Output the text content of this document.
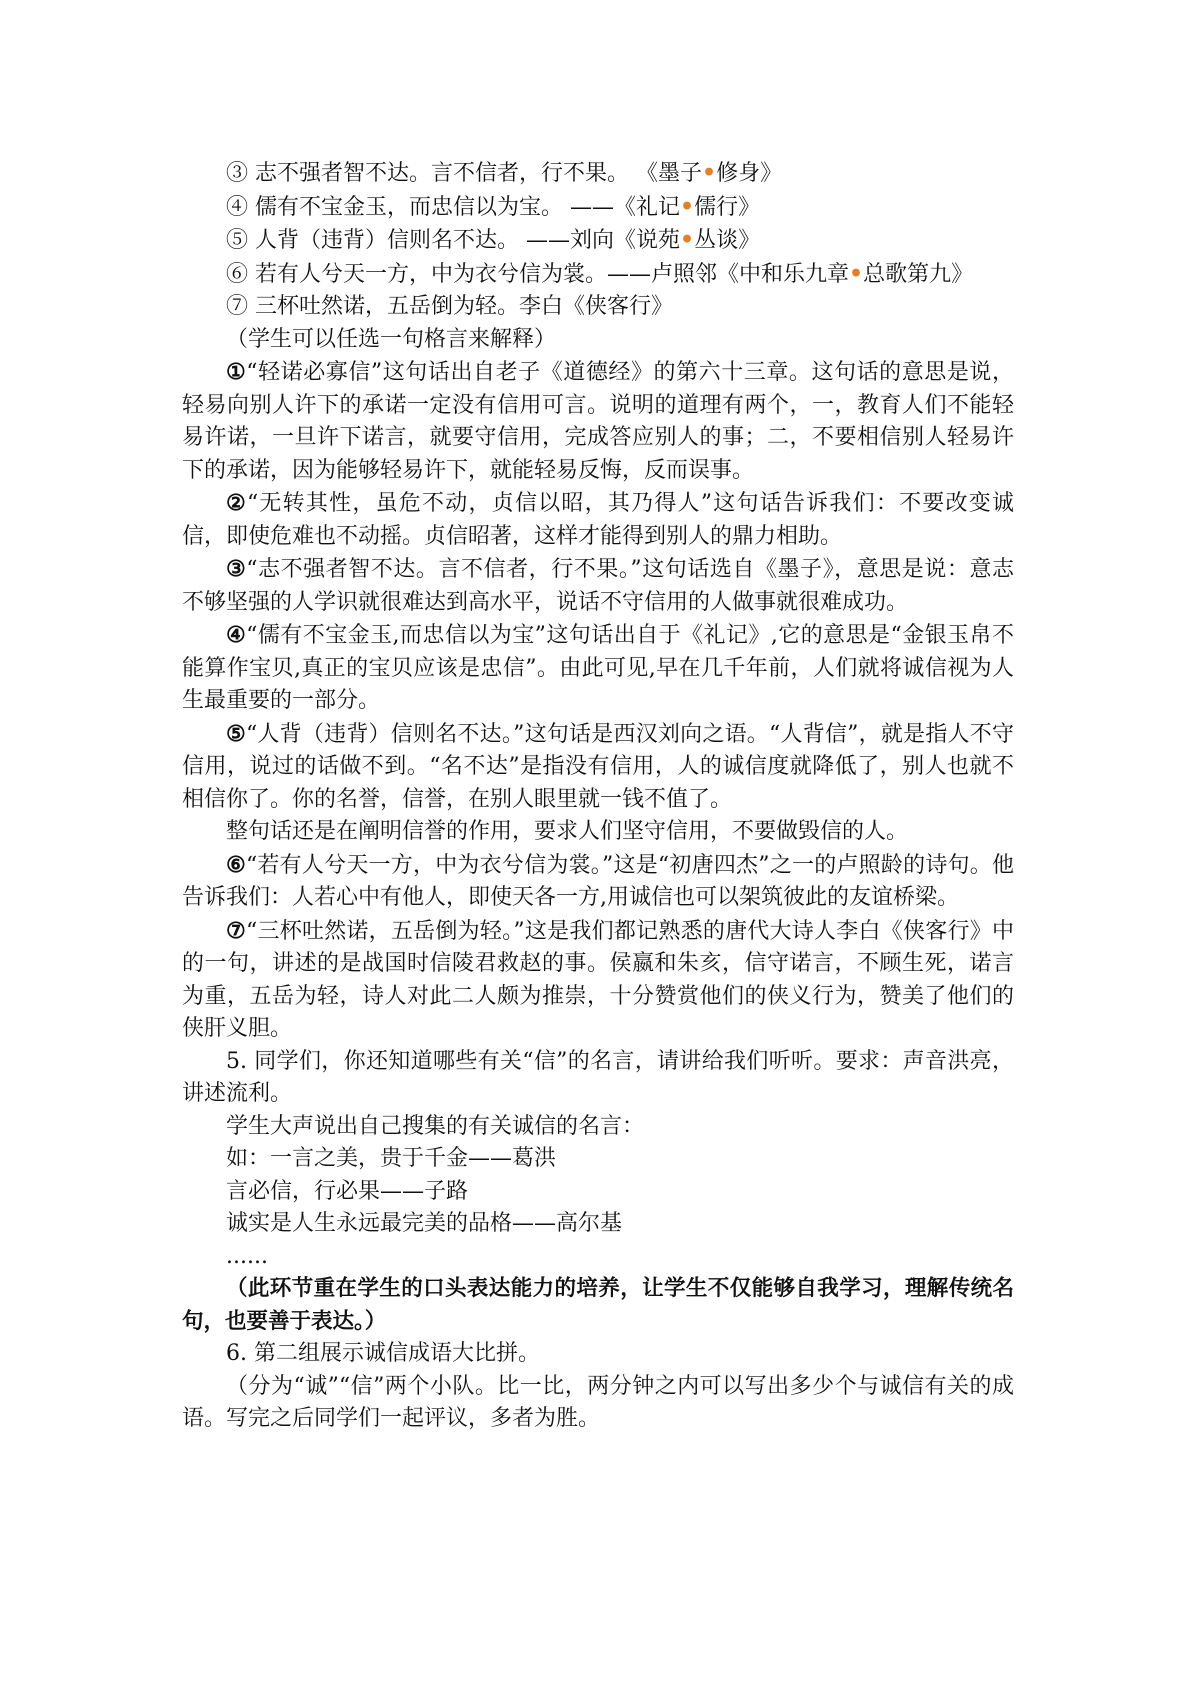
③ 志不强者智不达。言不信者，行不果。 《墨子•修身》

④ 儒有不宝金玉，而忠信以为宝。 ——《礼记•儒行》

⑤ 人背（违背）信则名不达。 ——刘向《说苑•丛谈》

⑥ 若有人兮天一方，中为衣兮信为裳。——卢照邻《中和乐九章•总歌第九》

⑦ 三杯吐然诺，五岳倒为轻。李白《侠客行》

（学生可以任选一句格言来解释）

①“轻诺必寡信”这句话出自老子《道德经》的第六十三章。这句话的意思是说，轻易向别人许下的承诺一定没有信用可言。说明的道理有两个，一，教育人们不能轻易许诺，一旦许下诺言，就要守信用，完成答应别人的事；二，不要相信别人轻易许下的承诺，因为能够轻易许下，就能轻易反悔，反而误事。

②“无转其性，虽危不动，贞信以昭，其乃得人”这句话告诉我们：不要改变诚信，即使危难也不动摇。贞信昭著，这样才能得到别人的鼎力相助。

③“志不强者智不达。言不信者，行不果。”这句话选自《墨子》，意思是说：意志不够坚强的人学识就很难达到高水平，说话不守信用的人做事就很难成功。

④“儒有不宝金玉,而忠信以为宝”这句话出自于《礼记》,它的意思是“金银玉帛不能算作宝贝,真正的宝贝应该是忠信”。由此可见,早在几千年前，人们就将诚信视为人生最重要的一部分。

⑤“人背（违背）信则名不达。”这句话是西汉刘向之语。“人背信”，就是指人不守信用，说过的话做不到。“名不达”是指没有信用，人的诚信度就降低了，别人也就不相信你了。你的名誉，信誉，在别人眼里就一钱不值了。

整句话还是在阐明信誉的作用，要求人们坚守信用，不要做毁信的人。

⑥“若有人兮天一方，中为衣兮信为裳。”这是“初唐四杰”之一的卢照龄的诗句。他告诉我们：人若心中有他人，即使天各一方,用诚信也可以架筑彼此的友谊桥梁。

⑦“三杯吐然诺，五岳倒为轻。”这是我们都记熟悉的唐代大诗人李白《侠客行》中的一句，讲述的是战国时信陵君救赵的事。侯嬴和朱亥，信守诺言，不顾生死，诺言为重，五岳为轻，诗人对此二人颇为推崇，十分赞赏他们的侠义行为，赞美了他们的侠肝义胆。

5. 同学们，你还知道哪些有关“信”的名言，请讲给我们听听。要求：声音洪亮，讲述流利。

学生大声说出自己搜集的有关诚信的名言：

如：一言之美，贵于千金——葛洪

言必信，行必果——子路

诚实是人生永远最完美的品格——高尔基

......

（此环节重在学生的口头表达能力的培养，让学生不仅能够自我学习，理解传统名句，也要善于表达。）

6. 第二组展示诚信成语大比拼。

（分为“诚”“信”两个小队。比一比，两分钟之内可以写出多少个与诚信有关的成语。写完之后同学们一起评议，多者为胜。
